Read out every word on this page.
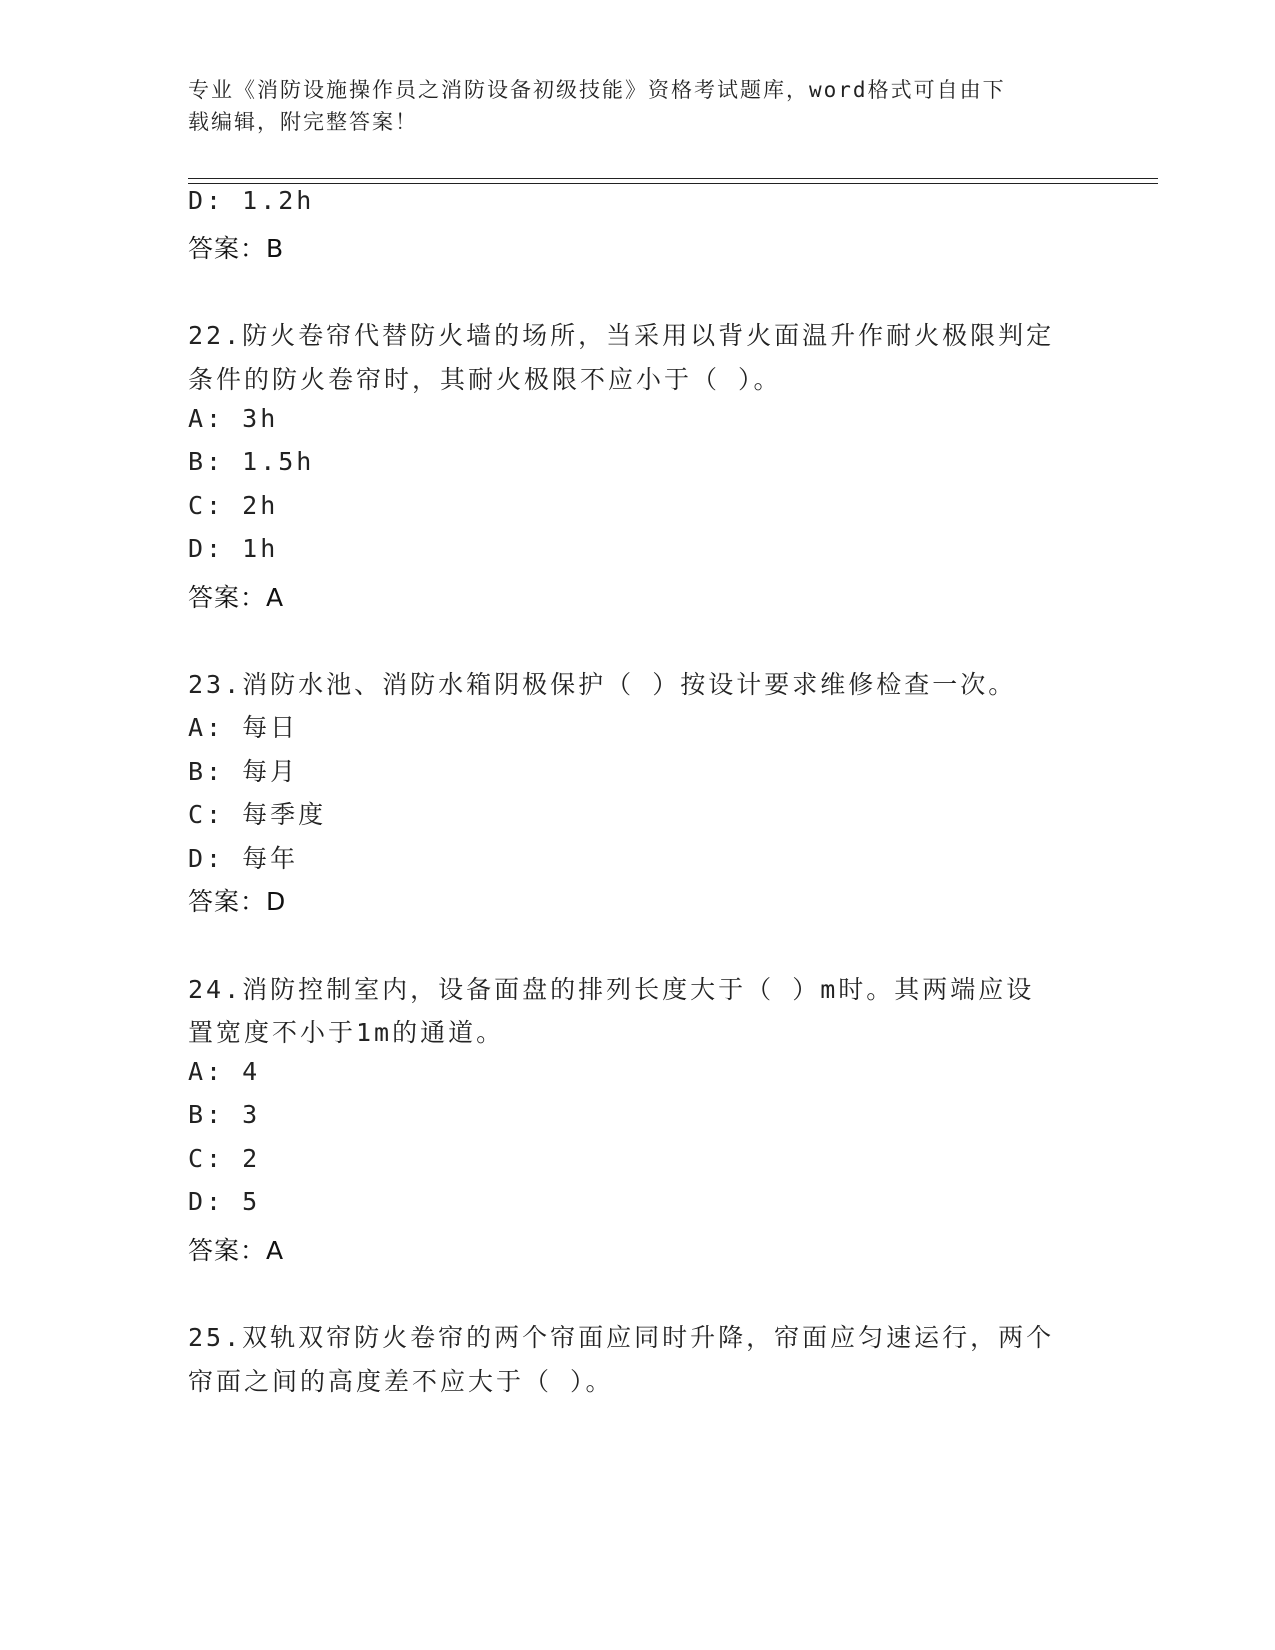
专业《消防设施操作员之消防设备初级技能》资格考试题库，word格式可自由下
载编辑，附完整答案！
D: 1.2h
答案：B
22.防火卷帘代替防火墙的场所，当采用以背火面温升作耐火极限判定
条件的防火卷帘时，其耐火极限不应小于（ ）。
A: 3h
B: 1.5h
C: 2h
D: 1h
答案：A
23.消防水池、消防水箱阴极保护（ ）按设计要求维修检查一次。
A: 每日
B: 每月
C: 每季度
D: 每年
答案：D
24.消防控制室内，设备面盘的排列长度大于（ ）m时。其两端应设
置宽度不小于1m的通道。
A: 4
B: 3
C: 2
D: 5
答案：A
25.双轨双帘防火卷帘的两个帘面应同时升降，帘面应匀速运行，两个
帘面之间的高度差不应大于（ ）。
